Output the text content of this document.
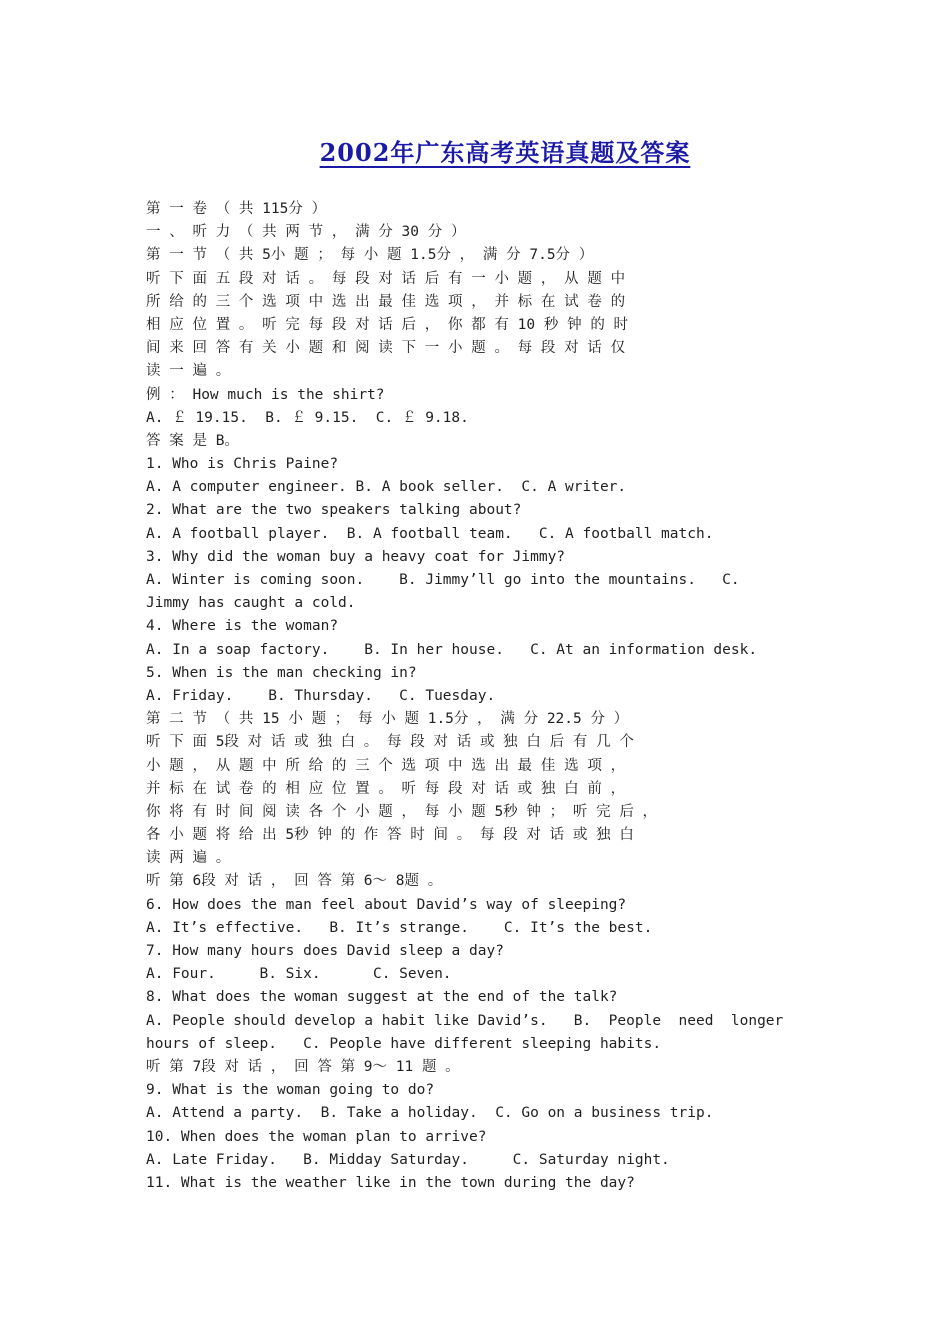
2002年广东高考英语真题及答案
第 一 卷 （ 共 115分 ）
一 、 听 力 （ 共 两 节 ， 满 分 30 分 ）
第 一 节 （ 共 5小 题 ； 每 小 题 1.5分 ， 满 分 7.5分 ）
听 下 面 五 段 对 话 。 每 段 对 话 后 有 一 小 题 ， 从 题 中
所 给 的 三 个 选 项 中 选 出 最 佳 选 项 ， 并 标 在 试 卷 的
相 应 位 置 。 听 完 每 段 对 话 后 ， 你 都 有 10 秒 钟 的 时
间 来 回 答 有 关 小 题 和 阅 读 下 一 小 题 。 每 段 对 话 仅
读 一 遍 。
例 ： How much is the shirt?
A. ￡ 19.15.  B. ￡ 9.15.  C. ￡ 9.18.
答 案 是 B。
1. Who is Chris Paine?
A. A computer engineer. B. A book seller.  C. A writer.
2. What are the two speakers talking about?
A. A football player.  B. A football team.   C. A football match.
3. Why did the woman buy a heavy coat for Jimmy?
A. Winter is coming soon.    B. Jimmy’ll go into the mountains.   C.
Jimmy has caught a cold.
4. Where is the woman?
A. In a soap factory.    B. In her house.   C. At an information desk.
5. When is the man checking in?
A. Friday.    B. Thursday.   C. Tuesday.
第 二 节 （ 共 15 小 题 ； 每 小 题 1.5分 ， 满 分 22.5 分 ）
听 下 面 5段 对 话 或 独 白 。 每 段 对 话 或 独 白 后 有 几 个
小 题 ， 从 题 中 所 给 的 三 个 选 项 中 选 出 最 佳 选 项 ，
并 标 在 试 卷 的 相 应 位 置 。 听 每 段 对 话 或 独 白 前 ，
你 将 有 时 间 阅 读 各 个 小 题 ， 每 小 题 5秒 钟 ； 听 完 后 ，
各 小 题 将 给 出 5秒 钟 的 作 答 时 间 。 每 段 对 话 或 独 白
读 两 遍 。
听 第 6段 对 话 ， 回 答 第 6～ 8题 。
6. How does the man feel about David’s way of sleeping?
A. It’s effective.   B. It’s strange.    C. It’s the best.
7. How many hours does David sleep a day?
A. Four.     B. Six.      C. Seven.
8. What does the woman suggest at the end of the talk?
A. People should develop a habit like David’s.   B.  People  need  longer
hours of sleep.   C. People have different sleeping habits.
听 第 7段 对 话 ， 回 答 第 9～ 11 题 。
9. What is the woman going to do?
A. Attend a party.  B. Take a holiday.  C. Go on a business trip.
10. When does the woman plan to arrive?
A. Late Friday.   B. Midday Saturday.     C. Saturday night.
11. What is the weather like in the town during the day?
